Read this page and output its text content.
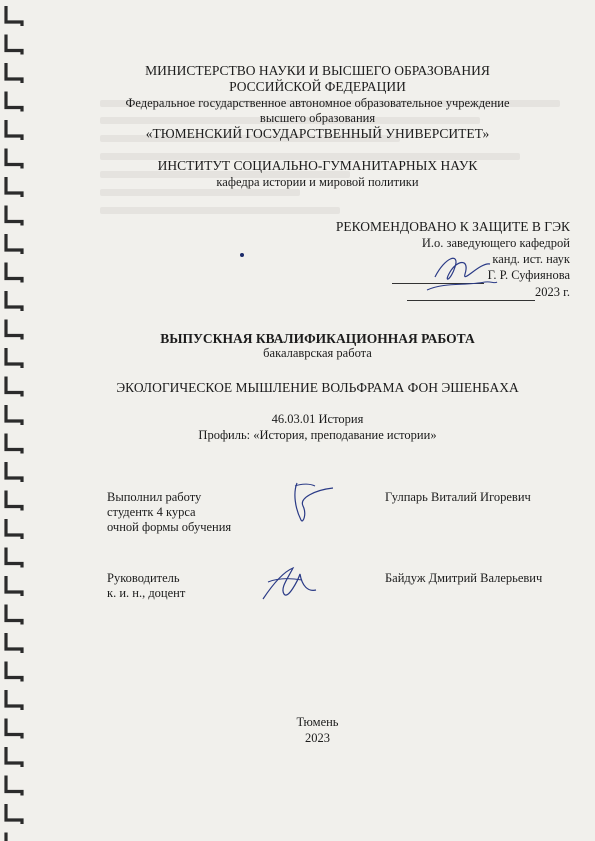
МИНИСТЕРСТВО НАУКИ И ВЫСШЕГО ОБРАЗОВАНИЯ
РОССИЙСКОЙ ФЕДЕРАЦИИ
Федеральное государственное автономное образовательное учреждение
высшего образования
«ТЮМЕНСКИЙ ГОСУДАРСТВЕННЫЙ УНИВЕРСИТЕТ»
ИНСТИТУТ СОЦИАЛЬНО-ГУМАНИТАРНЫХ НАУК
кафедра истории и мировой политики
РЕКОМЕНДОВАНО К ЗАЩИТЕ В ГЭК
И.о. заведующего кафедрой
канд. ист. наук
Г. Р. Суфиянова
2023 г.
ВЫПУСКНАЯ КВАЛИФИКАЦИОННАЯ РАБОТА
бакалаврская работа
ЭКОЛОГИЧЕСКОЕ МЫШЛЕНИЕ ВОЛЬФРАМА ФОН ЭШЕНБАХА
46.03.01 История
Профиль: «История, преподавание истории»
Выполнил работу
студентк 4 курса
очной формы обучения
Гулпарь Виталий Игоревич
Руководитель
к. и. н., доцент
Байдуж Дмитрий Валерьевич
Тюмень
2023
